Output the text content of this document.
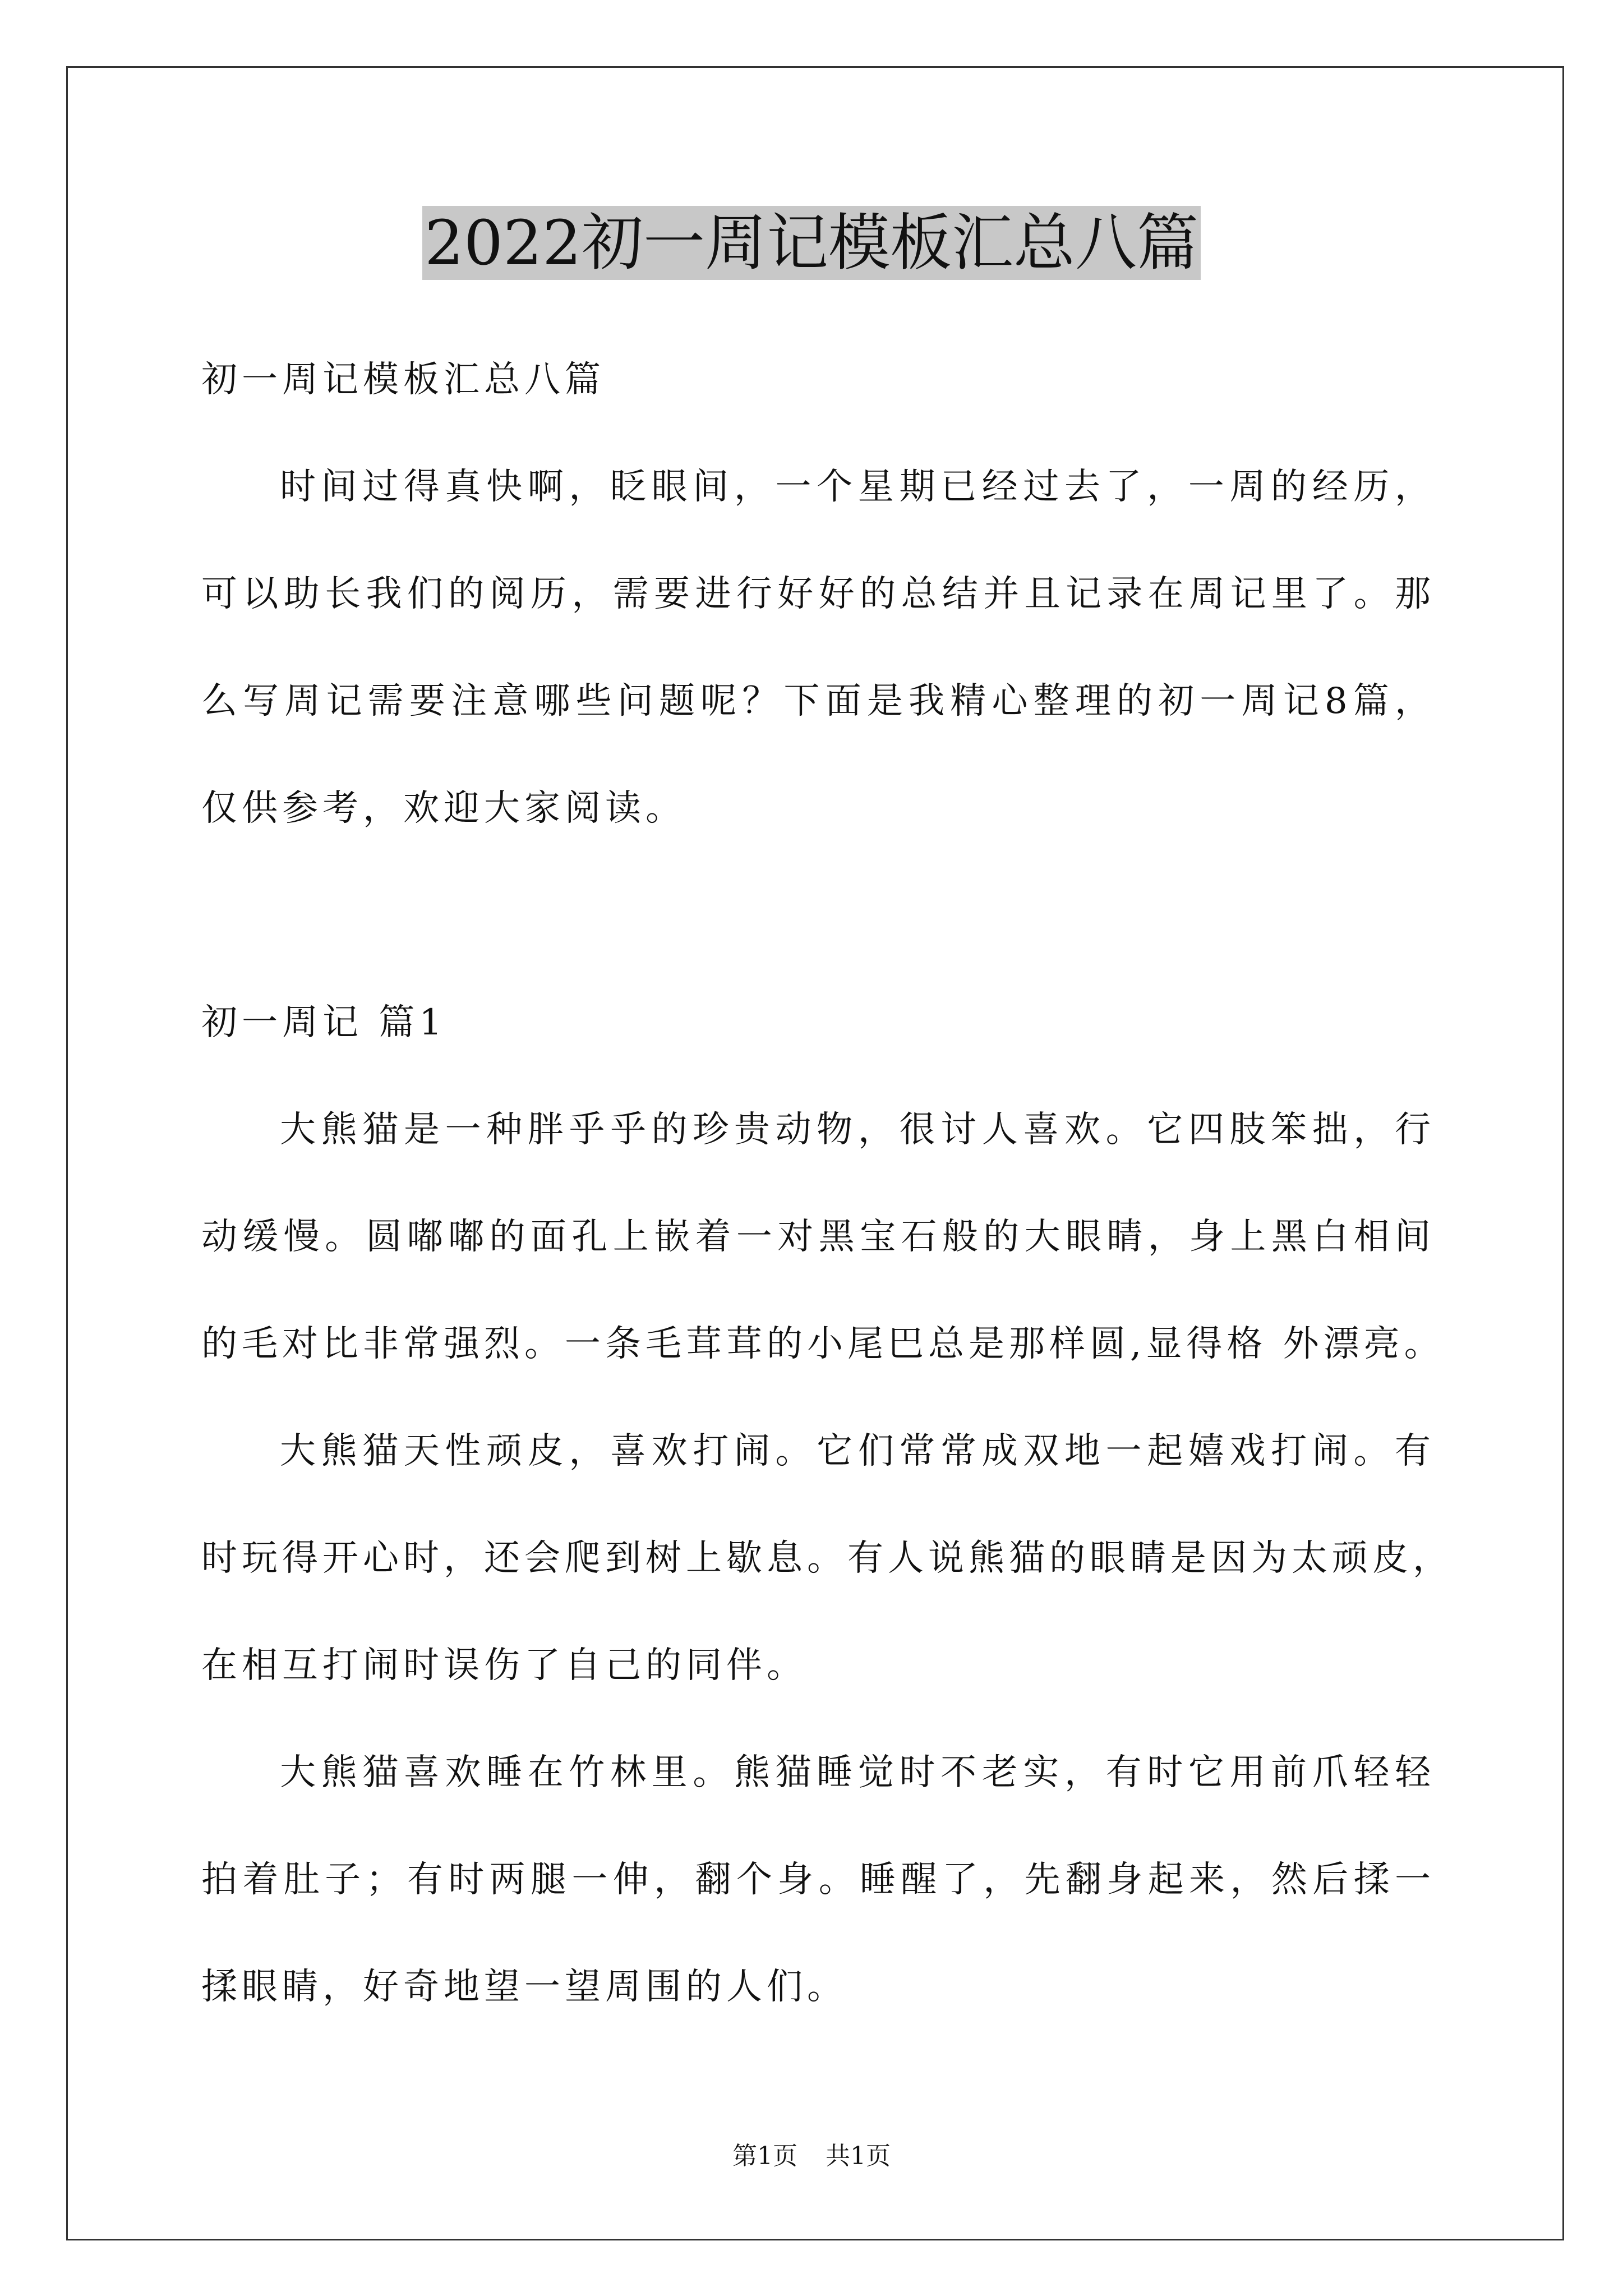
2022初一周记模板汇总八篇
初一周记模板汇总八篇
时间过得真快啊，眨眼间，一个星期已经过去了，一周的经历，
可以助长我们的阅历，需要进行好好的总结并且记录在周记里了。那
么写周记需要注意哪些问题呢？下面是我精心整理的初一周记8篇，
仅供参考，欢迎大家阅读。
初一周记 篇1
大熊猫是一种胖乎乎的珍贵动物，很讨人喜欢。它四肢笨拙，行
动缓慢。圆嘟嘟的面孔上嵌着一对黑宝石般的大眼睛，身上黑白相间
的毛对比非常强烈。一条毛茸茸的小尾巴总是那样圆,显得格 外漂亮。
大熊猫天性顽皮，喜欢打闹。它们常常成双地一起嬉戏打闹。有
时玩得开心时，还会爬到树上歇息。有人说熊猫的眼睛是因为太顽皮，
在相互打闹时误伤了自己的同伴。
大熊猫喜欢睡在竹林里。熊猫睡觉时不老实，有时它用前爪轻轻
拍着肚子；有时两腿一伸，翻个身。睡醒了，先翻身起来，然后揉一
揉眼睛，好奇地望一望周围的人们。
第1页 共1页
